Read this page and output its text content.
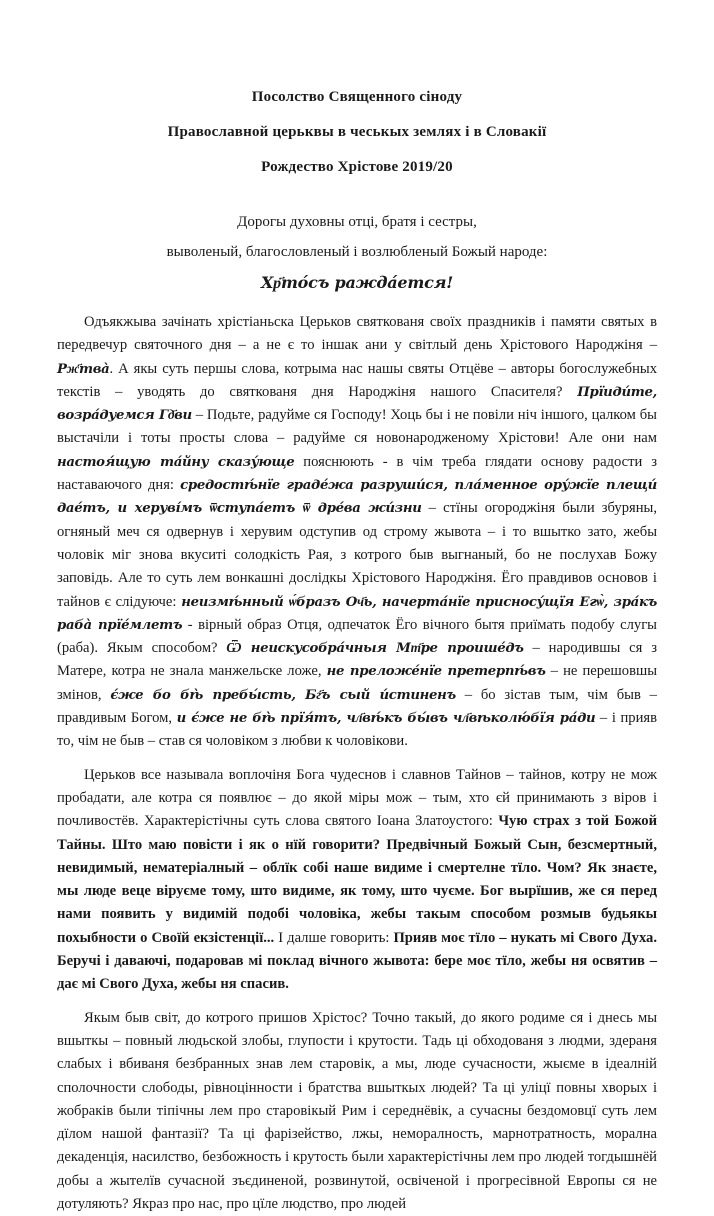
Посолство Священного сіноду
Православной церьквы в чеськых землях і в Словакії
Рождество Хрістове 2019/20
Дорогы духовны отці, братя і сестры,
выволеный, благословленый і возлюбленый Божый народе:
Хр҃то́съ ражда́ется!

Одъякжыва зачінать хрістіаньска Церьков святкованя своїх праздників і памяти святых в передвечур святочного дня – а не є то іншак ани у світлый день Хрістового Народжіня – Рж҃тва̀. А якы суть першы слова, котрыма нас нашы святы Отцёве – авторы богослужебных текстів – уводять до святкованя дня Народжіня нашого Спасителя? Прїиди́те, возра́дуемся Гд҃ви – Подьте, радуйме ся Господу! Хоць бы і не повіли ніч іншого, цалком бы выстачіли і тоты просты слова – радуйме ся новонародженому Хрістови! Але они нам настоя́щую та́йну сказу́юще пояснюють - в чім треба глядати основу радости з наставаючого дня: средостѣ́нїе граде́жа разруши́ся, пла́менное ору́жїе плещи́ дае́тъ, и херуві́мъ ѿступа́етъ ѿ дре́ва жи́зни – стїны огороджіня были збуряны, огняный меч ся одвернув і херувим одступив од строму жывота – і то вшытко зато, жебы чоловік міг знова вкуситі солодкість Рая, з котрого быв выгнаный, бо не послухав Божу заповідь. Але то суть лем вонкашні дослідкы Хрістового Народжіня. Ёго правдивов основов і тайнов є слідуюче: неизмѣ́нный ѡ́бразъ Оч҃ь, начерта́нїе присносу́щїя Егѡ̀, зра́къ раба̀ прїе́млетъ - вірный образ Отця, одпечаток Ёго вічного бытя приїмать подобу слугы (раба). Якым способом? Ѿ неискусобра́чныя Мт҃ре проише́дъ – народившы ся з Матере, котра не знала манжельске ложе, не преложе́нїе претерпѣ́въ – не перешовшы змінов, є́же бо бѣ̀ пребы́сть, Бг҃ъ сый и́стиненъ – бо зістав тым, чім быв – правдивым Богом, и є́же не бѣ̀ прїя́тъ, чл҃вѣ́къ бы́въ чл҃вѣколю́бїя ра́ди – і прияв то, чім не быв – став ся чоловіком з любви к чоловікови.

Церьков все называла воплочіня Бога чудеснов і славнов Тайнов – тайнов, котру не мож пробадати, але котра ся появлює – до якой міры мож – тым, хто єй принимають з віров і почливостёв. Характерістічны суть слова святого Іоана Златоустого: Чую страх з той Божой Тайны. Што маю повісти і як о нїй говорити? Предвічный Божый Сын, безсмертный, невидимый, нематеріалный – облїк собі наше видиме і смертелне тїло. Чом? Як знаєте, мы люде веце віруєме тому, што видиме, як тому, што чуєме. Бог вырїшив, же ся перед нами появить у видимій подобі чоловіка, жебы такым способом розмыв будьякы похыбности о Своїй екзістенції... І далше говорить: Прияв моє тїло – нукать мі Свого Духа. Беручі і даваючі, подаровав мі поклад вічного жывота: бере моє тїло, жебы ня освятив – дає мі Свого Духа, жебы ня спасив.

Якым быв світ, до котрого пришов Хрістос? Точно такый, до якого родиме ся і днесь мы вшыткы – повный людьской злобы, глупости і крутости. Тадь ці обходованя з людми, здераня слабых і вбиваня безбранных знав лем старовік, а мы, люде сучасности, жыєме в ідеалній сполочности слободы, рівноцінности і братства вшыткых людей? Та ці уліцї повны хворых і жобраків были тіпічны лем про старовікый Рим і середнёвік, а сучасны бездомовцї суть лем дїлом нашой фантазії? Та ці фарізейство, лжы, неморалность, марнотратность, морална декаденція, насилство, безбожность і крутость были характерістічны лем про людей тогдышнёй добы а жытелїв сучасной зъєдиненой, розвинутой, освіченой і прогресівной Европы ся не дотуляють? Якраз про нас, про цїле людство, про людей
